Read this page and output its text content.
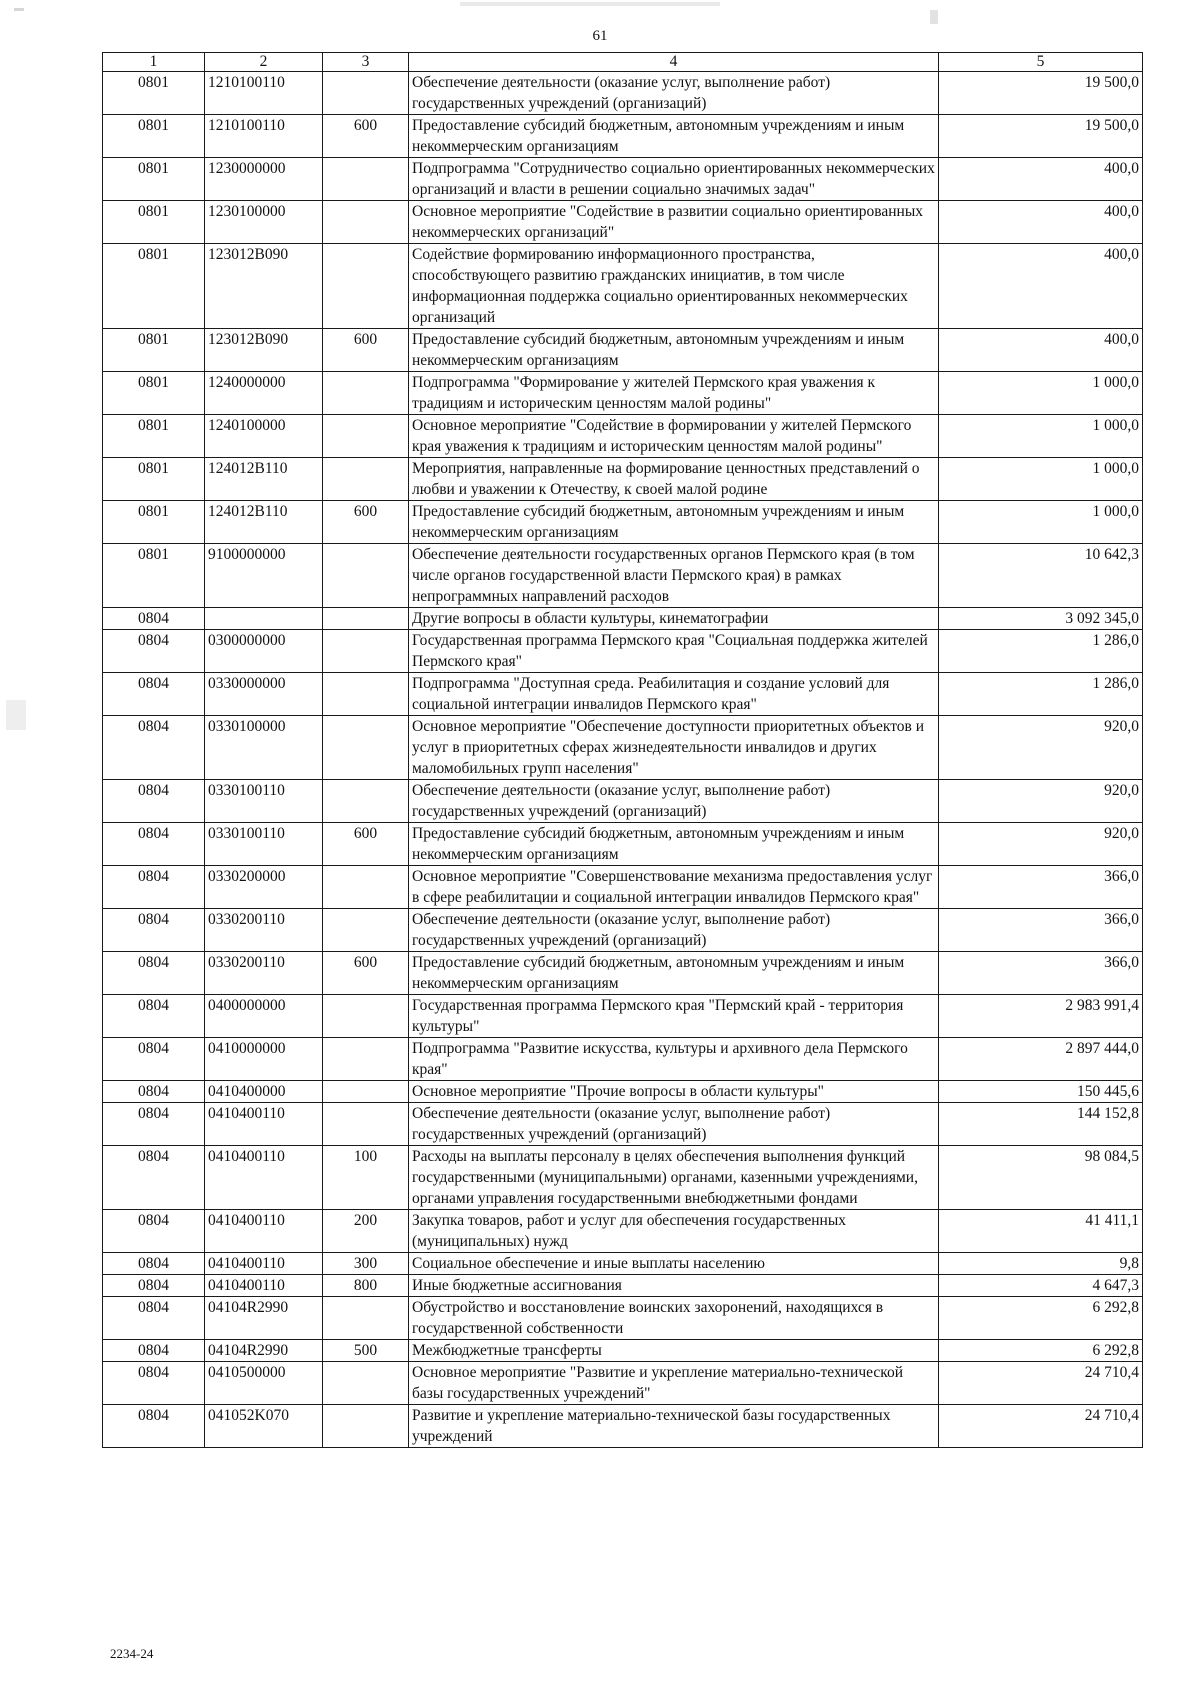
61
1	2	3	4	5
0801	1210100110		Обеспечение деятельности (оказание услуг, выполнение работ) государственных учреждений (организаций)	19 500,0
0801	1210100110	600	Предоставление субсидий бюджетным, автономным учреждениям и иным некоммерческим организациям	19 500,0
0801	1230000000		Подпрограмма "Сотрудничество социально ориентированных некоммерческих организаций и власти в решении социально значимых задач"	400,0
0801	1230100000		Основное мероприятие "Содействие в развитии социально ориентированных некоммерческих организаций"	400,0
0801	123012B090		Содействие формированию информационного пространства, способствующего развитию гражданских инициатив, в том числе информационная поддержка социально ориентированных некоммерческих организаций	400,0
0801	123012B090	600	Предоставление субсидий бюджетным, автономным учреждениям и иным некоммерческим организациям	400,0
0801	1240000000		Подпрограмма "Формирование у жителей Пермского края уважения к традициям и историческим ценностям малой родины"	1 000,0
0801	1240100000		Основное мероприятие "Содействие в формировании у жителей Пермского края уважения к традициям и историческим ценностям малой родины"	1 000,0
0801	124012B110		Мероприятия, направленные на формирование ценностных представлений о любви и уважении к Отечеству, к своей малой родине	1 000,0
0801	124012B110	600	Предоставление субсидий бюджетным, автономным учреждениям и иным некоммерческим организациям	1 000,0
0801	9100000000		Обеспечение деятельности государственных органов Пермского края (в том числе органов государственной власти Пермского края) в рамках непрограммных направлений расходов	10 642,3
0804			Другие вопросы в области культуры, кинематографии	3 092 345,0
0804	0300000000		Государственная программа Пермского края "Социальная поддержка жителей Пермского края"	1 286,0
0804	0330000000		Подпрограмма "Доступная среда. Реабилитация и создание условий для социальной интеграции инвалидов Пермского края"	1 286,0
0804	0330100000		Основное мероприятие "Обеспечение доступности приоритетных объектов и услуг в приоритетных сферах жизнедеятельности инвалидов и других маломобильных групп населения"	920,0
0804	0330100110		Обеспечение деятельности (оказание услуг, выполнение работ) государственных учреждений (организаций)	920,0
0804	0330100110	600	Предоставление субсидий бюджетным, автономным учреждениям и иным некоммерческим организациям	920,0
0804	0330200000		Основное мероприятие "Совершенствование механизма предоставления услуг в сфере реабилитации и социальной интеграции инвалидов Пермского края"	366,0
0804	0330200110		Обеспечение деятельности (оказание услуг, выполнение работ) государственных учреждений (организаций)	366,0
0804	0330200110	600	Предоставление субсидий бюджетным, автономным учреждениям и иным некоммерческим организациям	366,0
0804	0400000000		Государственная программа Пермского края "Пермский край - территория культуры"	2 983 991,4
0804	0410000000		Подпрограмма "Развитие искусства, культуры и архивного дела Пермского края"	2 897 444,0
0804	0410400000		Основное мероприятие "Прочие вопросы в области культуры"	150 445,6
0804	0410400110		Обеспечение деятельности (оказание услуг, выполнение работ) государственных учреждений (организаций)	144 152,8
0804	0410400110	100	Расходы на выплаты персоналу в целях обеспечения выполнения функций государственными (муниципальными) органами, казенными учреждениями, органами управления государственными внебюджетными фондами	98 084,5
0804	0410400110	200	Закупка товаров, работ и услуг для обеспечения государственных (муниципальных) нужд	41 411,1
0804	0410400110	300	Социальное обеспечение и иные выплаты населению	9,8
0804	0410400110	800	Иные бюджетные ассигнования	4 647,3
0804	04104R2990		Обустройство и восстановление воинских захоронений, находящихся в государственной собственности	6 292,8
0804	04104R2990	500	Межбюджетные трансферты	6 292,8
0804	0410500000		Основное мероприятие "Развитие и укрепление материально-технической базы государственных учреждений"	24 710,4
0804	041052K070		Развитие и укрепление материально-технической базы государственных учреждений	24 710,4
2234-24
